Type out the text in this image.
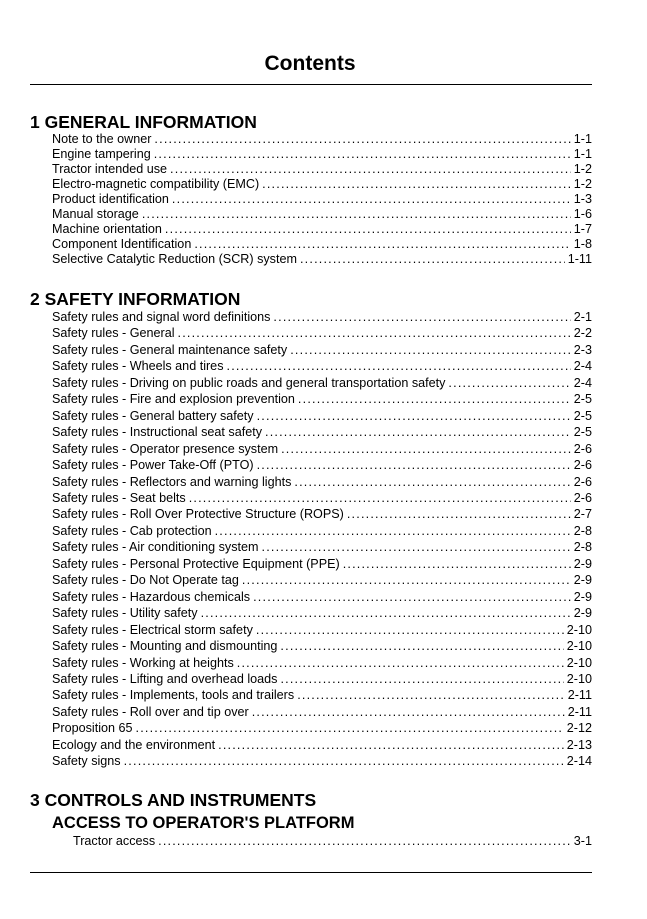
Contents
1 GENERAL INFORMATION
Note to the owner .....	1-1
Engine tampering .....	1-1
Tractor intended use .....	1-2
Electro-magnetic compatibility (EMC) .....	1-2
Product identification .....	1-3
Manual storage .....	1-6
Machine orientation .....	1-7
Component Identification .....	1-8
Selective Catalytic Reduction (SCR) system .....	1-11
2 SAFETY INFORMATION
Safety rules and signal word definitions .....	2-1
Safety rules - General .....	2-2
Safety rules - General maintenance safety .....	2-3
Safety rules - Wheels and tires .....	2-4
Safety rules - Driving on public roads and general transportation safety .....	2-4
Safety rules - Fire and explosion prevention .....	2-5
Safety rules - General battery safety .....	2-5
Safety rules - Instructional seat safety .....	2-5
Safety rules - Operator presence system .....	2-6
Safety rules - Power Take-Off (PTO) .....	2-6
Safety rules - Reflectors and warning lights .....	2-6
Safety rules - Seat belts .....	2-6
Safety rules - Roll Over Protective Structure (ROPS) .....	2-7
Safety rules - Cab protection .....	2-8
Safety rules - Air conditioning system .....	2-8
Safety rules - Personal Protective Equipment (PPE) .....	2-9
Safety rules - Do Not Operate tag .....	2-9
Safety rules - Hazardous chemicals .....	2-9
Safety rules - Utility safety .....	2-9
Safety rules - Electrical storm safety .....	2-10
Safety rules - Mounting and dismounting .....	2-10
Safety rules - Working at heights .....	2-10
Safety rules - Lifting and overhead loads .....	2-10
Safety rules - Implements, tools and trailers .....	2-11
Safety rules - Roll over and tip over .....	2-11
Proposition 65 .....	2-12
Ecology and the environment .....	2-13
Safety signs .....	2-14
3 CONTROLS AND INSTRUMENTS
ACCESS TO OPERATOR'S PLATFORM
Tractor access .....	3-1
